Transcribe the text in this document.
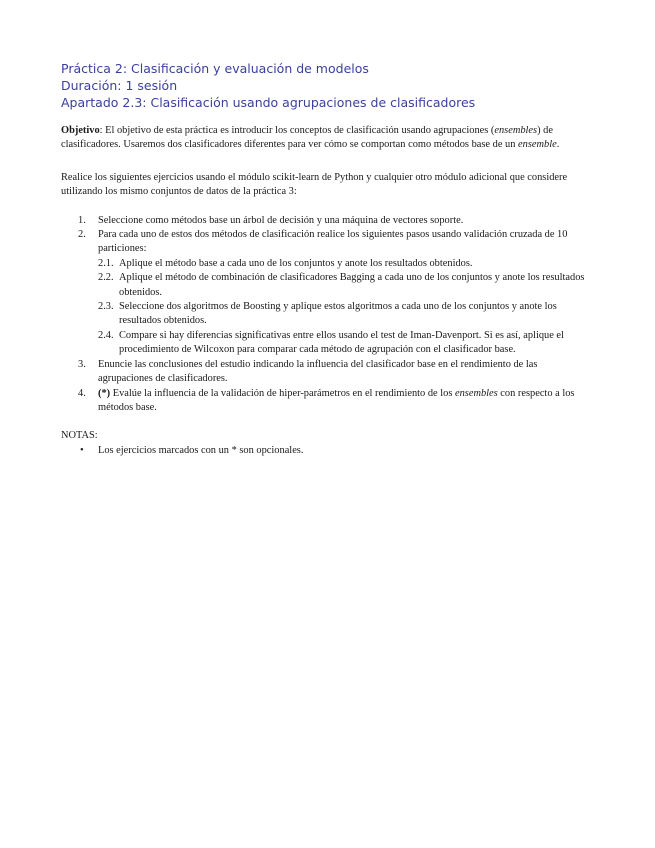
Práctica 2: Clasificación y evaluación de modelos
Duración: 1 sesión
Apartado 2.3: Clasificación usando agrupaciones de clasificadores

Objetivo: El objetivo de esta práctica es introducir los conceptos de clasificación usando agrupaciones (ensembles) de clasificadores. Usaremos dos clasificadores diferentes para ver cómo se comportan como métodos base de un ensemble.

Realice los siguientes ejercicios usando el módulo scikit-learn de Python y cualquier otro módulo adicional que considere utilizando los mismo conjuntos de datos de la práctica 3:

1. Seleccione como métodos base un árbol de decisión y una máquina de vectores soporte.
2. Para cada uno de estos dos métodos de clasificación realice los siguientes pasos usando validación cruzada de 10 particiones:
2.1. Aplique el método base a cada uno de los conjuntos y anote los resultados obtenidos.
2.2. Aplique el método de combinación de clasificadores Bagging a cada uno de los conjuntos y anote los resultados obtenidos.
2.3. Seleccione dos algoritmos de Boosting y aplique estos algoritmos a cada uno de los conjuntos y anote los resultados obtenidos.
2.4. Compare si hay diferencias significativas entre ellos usando el test de Iman-Davenport. Si es así, aplique el procedimiento de Wilcoxon para comparar cada método de agrupación con el clasificador base.
3. Enuncie las conclusiones del estudio indicando la influencia del clasificador base en el rendimiento de las agrupaciones de clasificadores.
4. (*) Evalúe la influencia de la validación de hiper-parámetros en el rendimiento de los ensembles con respecto a los métodos base.
NOTAS:
• Los ejercicios marcados con un * son opcionales.
